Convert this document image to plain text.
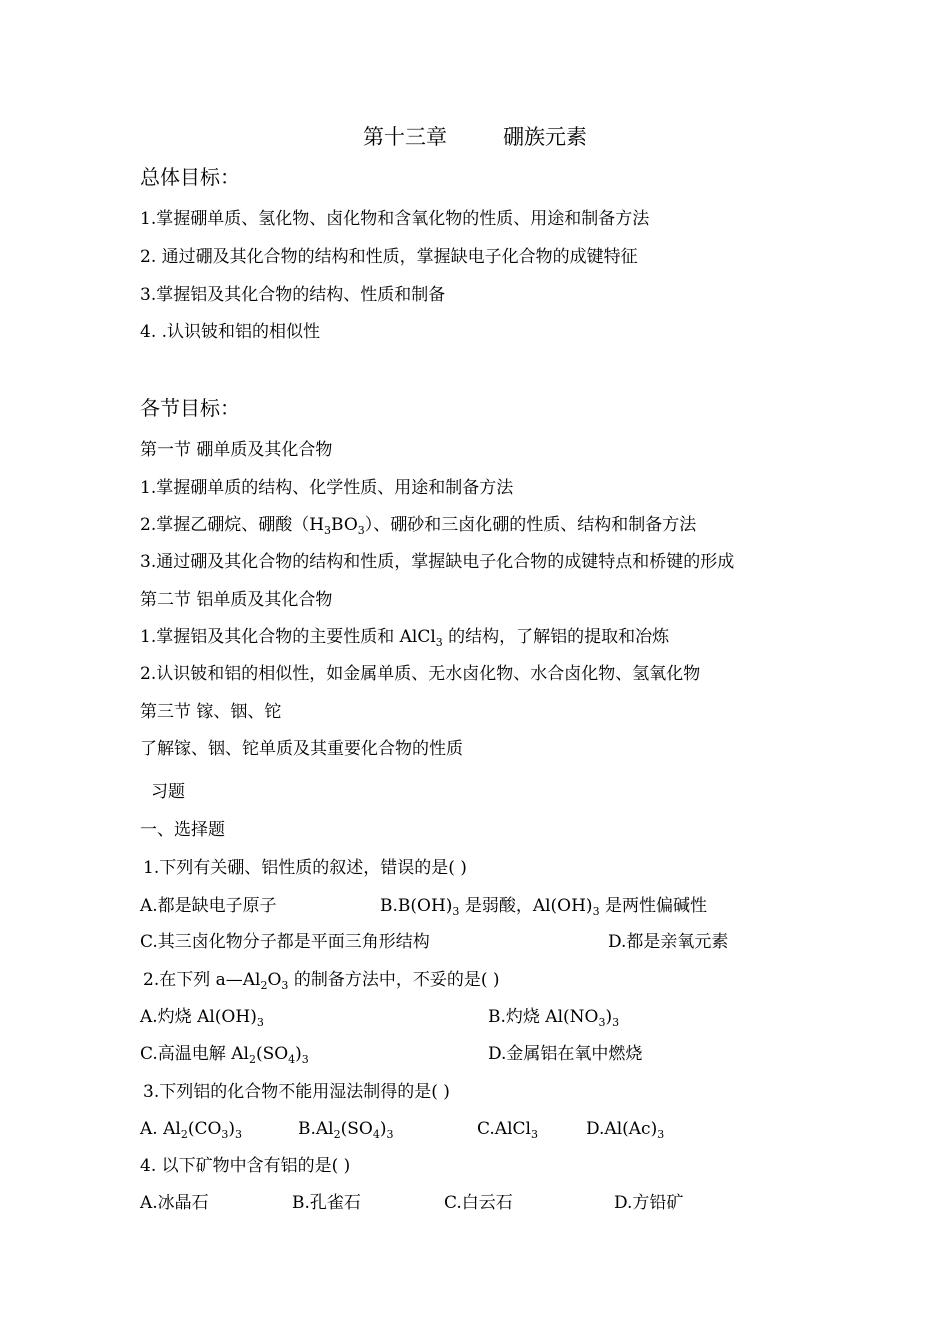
第十三章	硼族元素
总体目标：
1.掌握硼单质、氢化物、卤化物和含氧化物的性质、用途和制备方法
2. 通过硼及其化合物的结构和性质，掌握缺电子化合物的成键特征
3.掌握铝及其化合物的结构、性质和制备
4. .认识铍和铝的相似性
各节目标：
第一节 硼单质及其化合物
1.掌握硼单质的结构、化学性质、用途和制备方法
2.掌握乙硼烷、硼酸$(H_3BO_3)$、硼砂和三卤化硼的性质、结构和制备方法
3.通过硼及其化合物的结构和性质，掌握缺电子化合物的成键特点和桥键的形成
第二节 铝单质及其化合物
1.掌握铝及其化合物的主要性质和 AlCl$_3$ 的结构，了解铝的提取和冶炼
2.认识铍和铝的相似性，如金属单质、无水卤化物、水合卤化物、氢氧化物
第三节 镓、铟、铊
了解镓、铟、铊单质及其重要化合物的性质
习题
一、选择题
1.下列有关硼、铝性质的叙述，错误的是( )
A.都是缺电子原子	$B.B(OH)_3$ 是弱酸，$Al(OH)_3$ 是两性偏碱性
C.其三卤化物分子都是平面三角形结构	D.都是亲氧元素
2.在下列 $a—Al_2O_3$ 的制备方法中，不妥的是( )
A.灼烧 $Al(OH)_3$	B.灼烧 $Al(NO_3)_3$
C.高温电解 $Al_2(SO_4)_3$	D.金属铝在氧中燃烧
3.下列铝的化合物不能用湿法制得的是( )
A. $Al_2(CO_3)_3$	$B.Al_2(SO_4)_3$	C.AlCl$_3$	$D.Al(Ac)_3$
4. 以下矿物中含有铝的是( )
A.冰晶石	B.孔雀石	C.白云石	D.方铅矿
